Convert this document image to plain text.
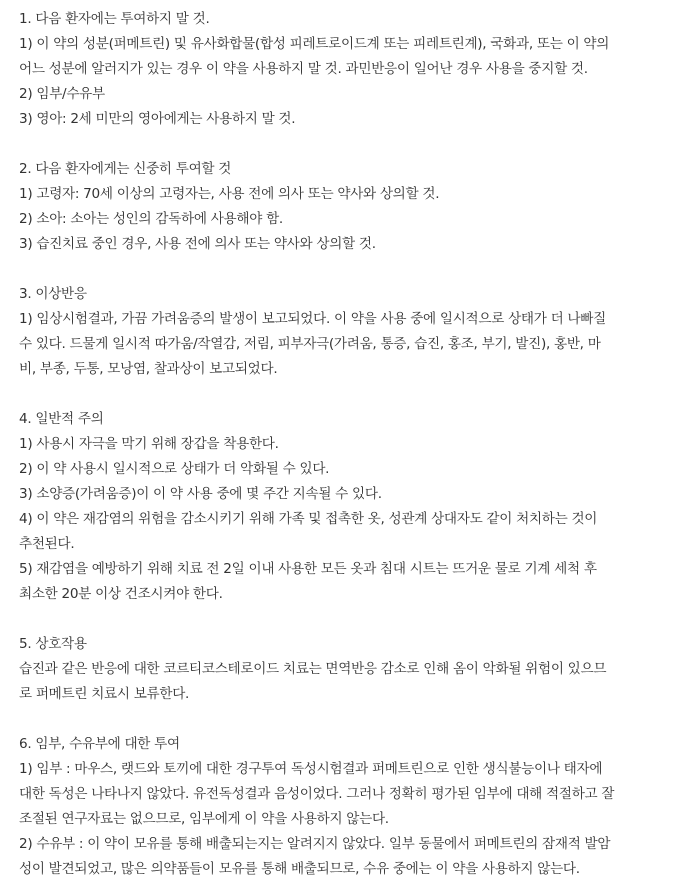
1. 다음 환자에는 투여하지 말 것.
1) 이 약의 성분(퍼메트린) 및 유사화합물(합성 피레트로이드계 또는 피레트린계), 국화과, 또는 이 약의
어느 성분에 알러지가 있는 경우 이 약을 사용하지 말 것. 과민반응이 일어난 경우 사용을 중지할 것.
2) 임부/수유부
3) 영아: 2세 미만의 영아에게는 사용하지 말 것.
2. 다음 환자에게는 신중히 투여할 것
1) 고령자: 70세 이상의 고령자는, 사용 전에 의사 또는 약사와 상의할 것.
2) 소아: 소아는 성인의 감독하에 사용해야 함.
3) 습진치료 중인 경우, 사용 전에 의사 또는 약사와 상의할 것.
3. 이상반응
1) 임상시험결과, 가끔 가려움증의 발생이 보고되었다. 이 약을 사용 중에 일시적으로 상태가 더 나빠질
수 있다. 드물게 일시적 따가움/작열감, 저림, 피부자극(가려움, 통증, 습진, 홍조, 부기, 발진), 홍반, 마
비, 부종, 두통, 모낭염, 찰과상이 보고되었다.
4. 일반적 주의
1) 사용시 자극을 막기 위해 장갑을 착용한다.
2) 이 약 사용시 일시적으로 상태가 더 악화될 수 있다.
3) 소양증(가려움증)이 이 약 사용 중에 몇 주간 지속될 수 있다.
4) 이 약은 재감염의 위험을 감소시키기 위해 가족 및 접촉한 옷, 성관계 상대자도 같이 처치하는 것이
추천된다.
5) 재감염을 예방하기 위해 치료 전 2일 이내 사용한 모든 옷과 침대 시트는 뜨거운 물로 기계 세척 후
최소한 20분 이상 건조시켜야 한다.
5. 상호작용
습진과 같은 반응에 대한 코르티코스테로이드 치료는 면역반응 감소로 인해 옴이 악화될 위험이 있으므
로 퍼메트린 치료시 보류한다.
6. 임부, 수유부에 대한 투여
1) 임부 : 마우스, 랫드와 토끼에 대한 경구투여 독성시험결과 퍼메트린으로 인한 생식불능이나 태자에
대한 독성은 나타나지 않았다. 유전독성결과 음성이었다. 그러나 정확히 평가된 임부에 대해 적절하고 잘
조절된 연구자료는 없으므로, 임부에게 이 약을 사용하지 않는다.
2) 수유부 : 이 약이 모유를 통해 배출되는지는 알려지지 않았다. 일부 동물에서 퍼메트린의 잠재적 발암
성이 발견되었고, 많은 의약품들이 모유를 통해 배출되므로, 수유 중에는 이 약을 사용하지 않는다.
